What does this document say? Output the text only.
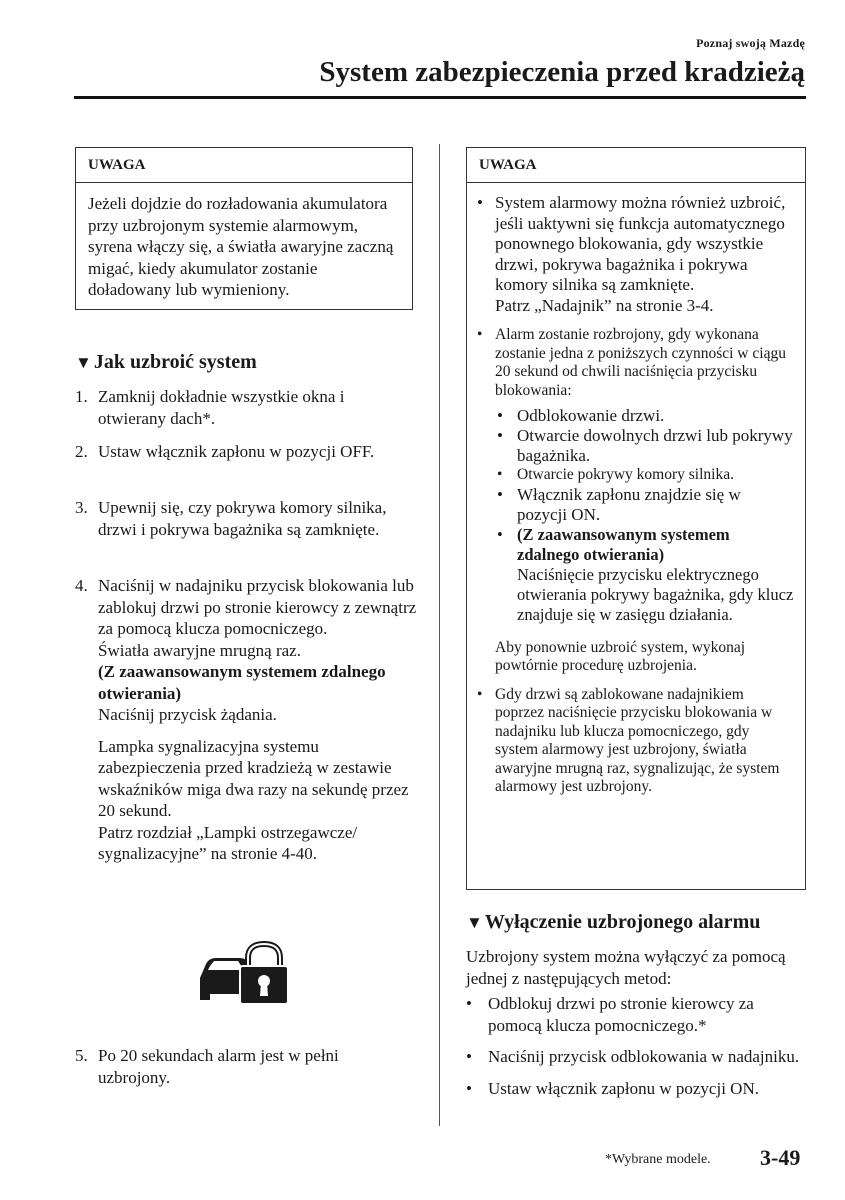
Poznaj swoją Mazdę
System zabezpieczenia przed kradzieżą
UWAGA
Jeżeli dojdzie do rozładowania akumulatora przy uzbrojonym systemie alarmowym, syrena włączy się, a światła awaryjne zaczną migać, kiedy akumulator zostanie doładowany lub wymieniony.
▼ Jak uzbroić system
1. Zamknij dokładnie wszystkie okna i otwierany dach*.
2. Ustaw włącznik zapłonu w pozycji OFF.
3. Upewnij się, czy pokrywa komory silnika, drzwi i pokrywa bagażnika są zamknięte.
4. Naciśnij w nadajniku przycisk blokowania lub zablokuj drzwi po stronie kierowcy z zewnątrz za pomocą klucza pomocniczego.
Światła awaryjne mrugną raz.
(Z zaawansowanym systemem zdalnego otwierania)
Naciśnij przycisk żądania.
Lampka sygnalizacyjna systemu zabezpieczenia przed kradzieżą w zestawie wskaźników miga dwa razy na sekundę przez 20 sekund.
Patrz rozdział „Lampki ostrzegawcze/ sygnalizacyjne” na stronie 4-40.
5. Po 20 sekundach alarm jest w pełni uzbrojony.
UWAGA
• System alarmowy można również uzbroić, jeśli uaktywni się funkcja automatycznego ponownego blokowania, gdy wszystkie drzwi, pokrywa bagażnika i pokrywa komory silnika są zamknięte.
Patrz „Nadajnik” na stronie 3-4.
• Alarm zostanie rozbrojony, gdy wykonana zostanie jedna z poniższych czynności w ciągu 20 sekund od chwili naciśnięcia przycisku blokowania:
• Odblokowanie drzwi.
• Otwarcie dowolnych drzwi lub pokrywy bagażnika.
• Otwarcie pokrywy komory silnika.
• Włącznik zapłonu znajdzie się w pozycji ON.
• (Z zaawansowanym systemem zdalnego otwierania)
Naciśnięcie przycisku elektrycznego otwierania pokrywy bagażnika, gdy klucz znajduje się w zasięgu działania.
Aby ponownie uzbroić system, wykonaj powtórnie procedurę uzbrojenia.
• Gdy drzwi są zablokowane nadajnikiem poprzez naciśnięcie przycisku blokowania w nadajniku lub klucza pomocniczego, gdy system alarmowy jest uzbrojony, światła awaryjne mrugną raz, sygnalizując, że system alarmowy jest uzbrojony.
▼ Wyłączenie uzbrojonego alarmu
Uzbrojony system można wyłączyć za pomocą jednej z następujących metod:
• Odblokuj drzwi po stronie kierowcy za pomocą klucza pomocniczego.*
• Naciśnij przycisk odblokowania w nadajniku.
• Ustaw włącznik zapłonu w pozycji ON.
*Wybrane modele. 3-49
